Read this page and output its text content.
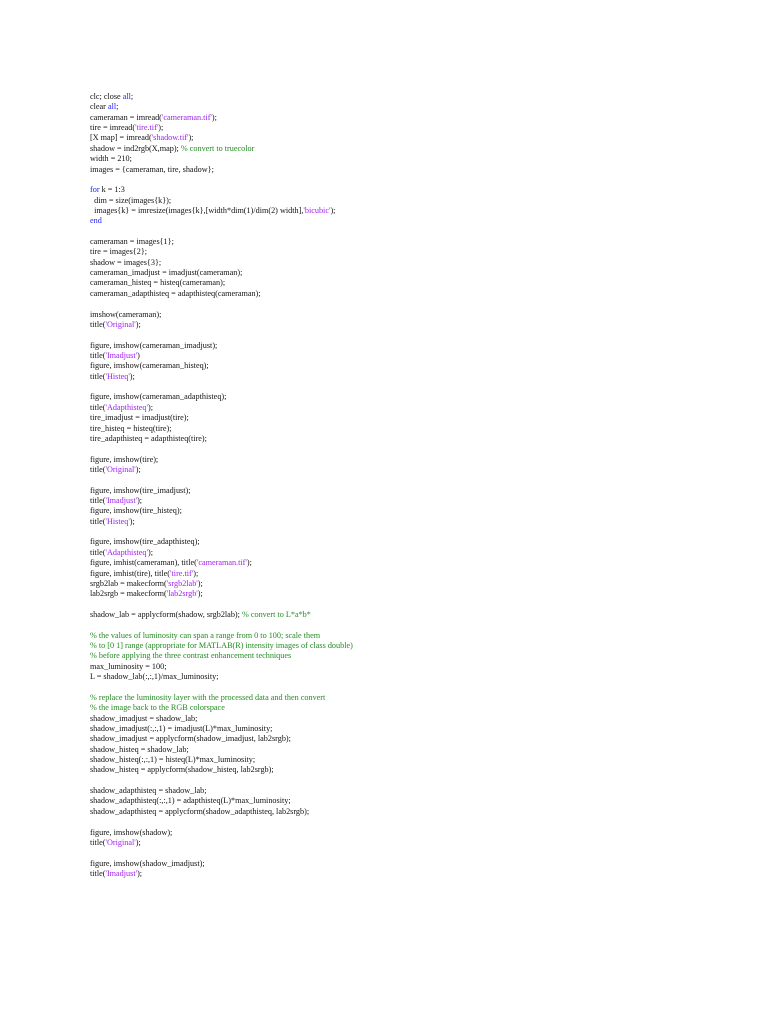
clc; close all;
clear all;
cameraman = imread('cameraman.tif');
tire = imread('tire.tif');
[X map] = imread('shadow.tif');
shadow = ind2rgb(X,map); % convert to truecolor
width = 210;
images = {cameraman, tire, shadow};

for k = 1:3
dim = size(images{k});
images{k} = imresize(images{k},[width*dim(1)/dim(2) width],'bicubic');
end

cameraman = images{1};
tire = images{2};
shadow = images{3};
cameraman_imadjust = imadjust(cameraman);
cameraman_histeq = histeq(cameraman);
cameraman_adapthisteq = adapthisteq(cameraman);

imshow(cameraman);
title('Original');

figure, imshow(cameraman_imadjust);
title('Imadjust')
figure, imshow(cameraman_histeq);
title('Histeq');

figure, imshow(cameraman_adapthisteq);
title('Adapthisteq');
tire_imadjust = imadjust(tire);
tire_histeq = histeq(tire);
tire_adapthisteq = adapthisteq(tire);

figure, imshow(tire);
title('Original');

figure, imshow(tire_imadjust);
title('Imadjust');
figure, imshow(tire_histeq);
title('Histeq');

figure, imshow(tire_adapthisteq);
title('Adapthisteq');
figure, imhist(cameraman), title('cameraman.tif');
figure, imhist(tire), title('tire.tif');
srgb2lab = makecform('srgb2lab');
lab2srgb = makecform('lab2srgb');

shadow_lab = applycform(shadow, srgb2lab); % convert to L*a*b*

% the values of luminosity can span a range from 0 to 100; scale them
% to [0 1] range (appropriate for MATLAB(R) intensity images of class double)
% before applying the three contrast enhancement techniques
max_luminosity = 100;
L = shadow_lab(:,:,1)/max_luminosity;

% replace the luminosity layer with the processed data and then convert
% the image back to the RGB colorspace
shadow_imadjust = shadow_lab;
shadow_imadjust(:,:,1) = imadjust(L)*max_luminosity;
shadow_imadjust = applycform(shadow_imadjust, lab2srgb);
shadow_histeq = shadow_lab;
shadow_histeq(:,:,1) = histeq(L)*max_luminosity;
shadow_histeq = applycform(shadow_histeq, lab2srgb);

shadow_adapthisteq = shadow_lab;
shadow_adapthisteq(:,:,1) = adapthisteq(L)*max_luminosity;
shadow_adapthisteq = applycform(shadow_adapthisteq, lab2srgb);

figure, imshow(shadow);
title('Original');

figure, imshow(shadow_imadjust);
title('Imadjust');
